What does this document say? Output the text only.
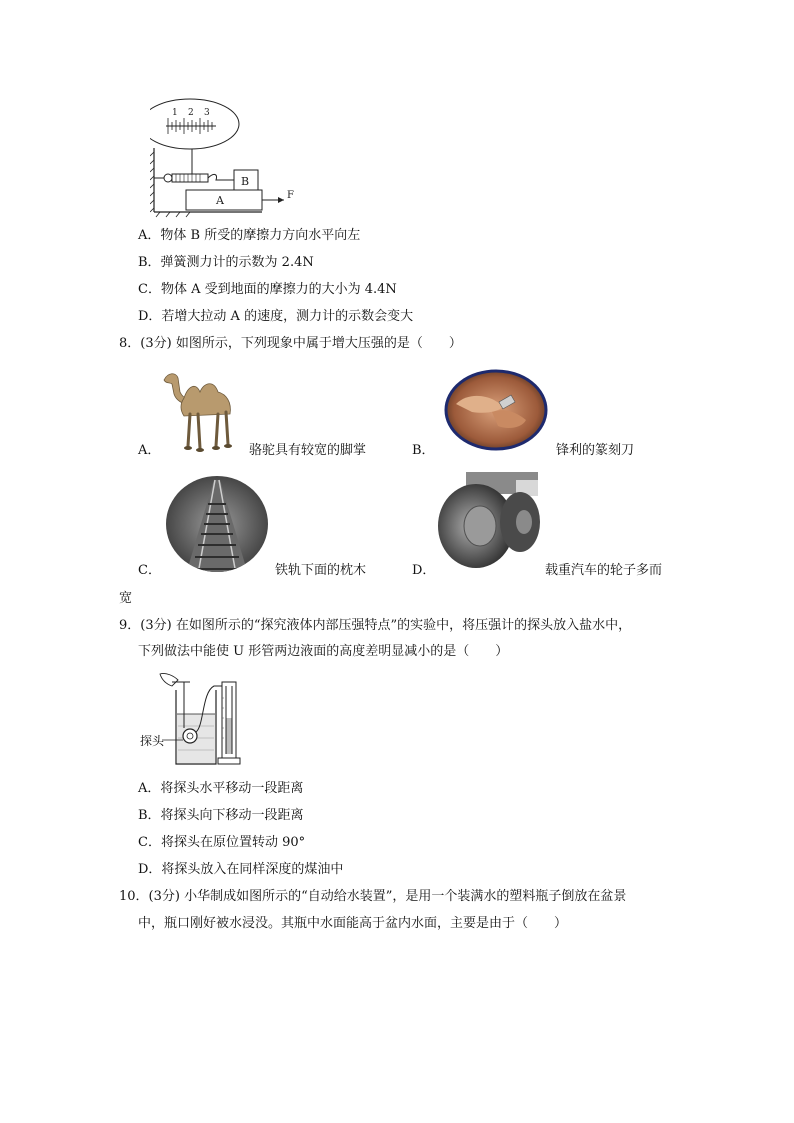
1 2 3
B
A	F
A．物体 B 所受的摩擦力方向水平向左
B．弹簧测力计的示数为 2.4N
C．物体 A 受到地面的摩擦力的大小为 4.4N
D．若增大拉动 A 的速度，测力计的示数会变大
8．(3分) 如图所示，下列现象中属于增大压强的是（　　）
A．	骆驼具有较宽的脚掌	B．	锋利的篆刻刀
C．	铁轨下面的枕木	D．	载重汽车的轮子多而
宽
9．(3分) 在如图所示的“探究液体内部压强特点”的实验中，将压强计的探头放入盐水中，
下列做法中能使 U 形管两边液面的高度差明显减小的是（　　）
探头
A．将探头水平移动一段距离
B．将探头向下移动一段距离
C．将探头在原位置转动 90°
D．将探头放入在同样深度的煤油中
10．(3分) 小华制成如图所示的“自动给水装置”，是用一个装满水的塑料瓶子倒放在盆景
中，瓶口刚好被水浸没。其瓶中水面能高于盆内水面，主要是由于（　　）
